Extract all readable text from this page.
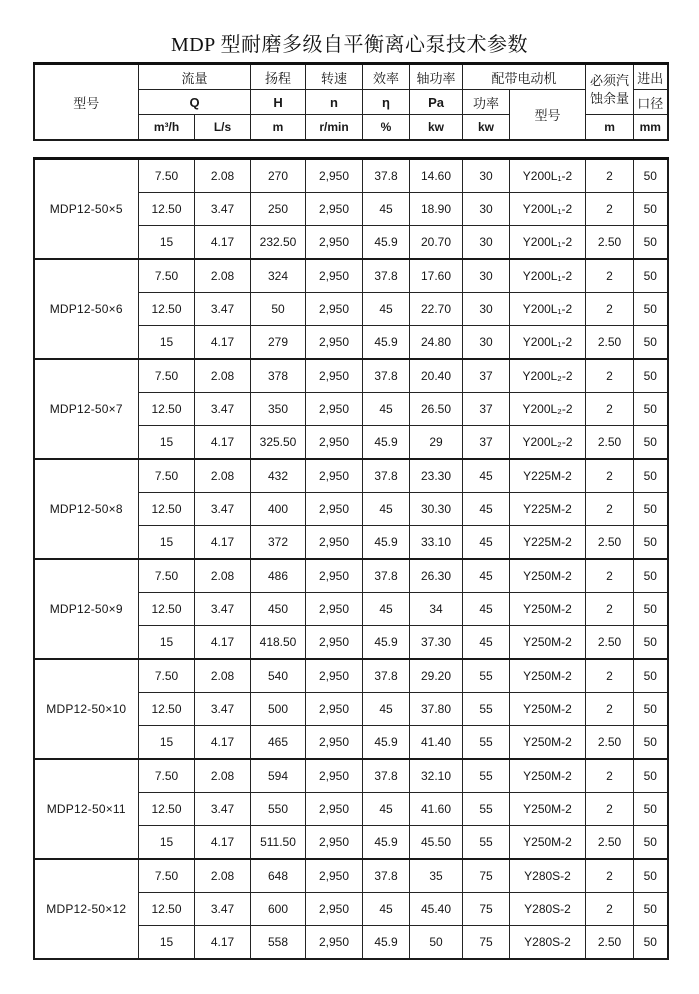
MDP 型耐磨多级自平衡离心泵技术参数
型号	流量		扬程	转速	效率	轴功率	配带电动机		必须汽蚀余量	进出
	Q		H	n	η	Pa	功率	型号		口径
	m³/h	L/s	m	r/min	%	kw	kw		m	mm
MDP12-50×5	7.50	2.08	270	2,950	37.8	14.60	30	Y200L₁-2	2	50
	12.50	3.47	250	2,950	45	18.90	30	Y200L₁-2	2	50
	15	4.17	232.50	2,950	45.9	20.70	30	Y200L₁-2	2.50	50
MDP12-50×6	7.50	2.08	324	2,950	37.8	17.60	30	Y200L₁-2	2	50
	12.50	3.47	50	2,950	45	22.70	30	Y200L₁-2	2	50
	15	4.17	279	2,950	45.9	24.80	30	Y200L₁-2	2.50	50
MDP12-50×7	7.50	2.08	378	2,950	37.8	20.40	37	Y200L₂-2	2	50
	12.50	3.47	350	2,950	45	26.50	37	Y200L₂-2	2	50
	15	4.17	325.50	2,950	45.9	29	37	Y200L₂-2	2.50	50
MDP12-50×8	7.50	2.08	432	2,950	37.8	23.30	45	Y225M-2	2	50
	12.50	3.47	400	2,950	45	30.30	45	Y225M-2	2	50
	15	4.17	372	2,950	45.9	33.10	45	Y225M-2	2.50	50
MDP12-50×9	7.50	2.08	486	2,950	37.8	26.30	45	Y250M-2	2	50
	12.50	3.47	450	2,950	45	34	45	Y250M-2	2	50
	15	4.17	418.50	2,950	45.9	37.30	45	Y250M-2	2.50	50
MDP12-50×10	7.50	2.08	540	2,950	37.8	29.20	55	Y250M-2	2	50
	12.50	3.47	500	2,950	45	37.80	55	Y250M-2	2	50
	15	4.17	465	2,950	45.9	41.40	55	Y250M-2	2.50	50
MDP12-50×11	7.50	2.08	594	2,950	37.8	32.10	55	Y250M-2	2	50
	12.50	3.47	550	2,950	45	41.60	55	Y250M-2	2	50
	15	4.17	511.50	2,950	45.9	45.50	55	Y250M-2	2.50	50
MDP12-50×12	7.50	2.08	648	2,950	37.8	35	75	Y280S-2	2	50
	12.50	3.47	600	2,950	45	45.40	75	Y280S-2	2	50
	15	4.17	558	2,950	45.9	50	75	Y280S-2	2.50	50
